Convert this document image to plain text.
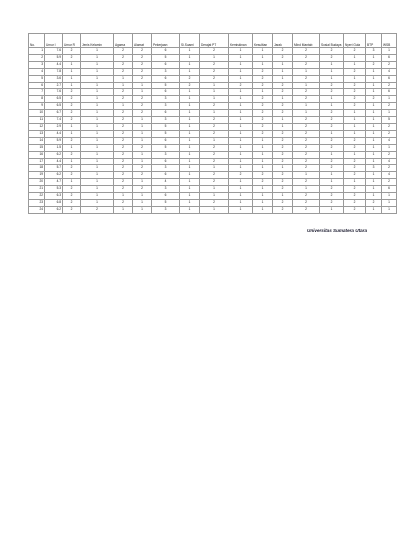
No.	Umur I	Umur R	Jenis Kelamin	Agama	Alamat	Pekerjaan	Si.Suami	Derajat PT	Kemiskinan	Kesulitan	Jarak	Mind Mantab	Sosial Budaya	Nyeri Gula	BTP	WSB
1	7.6	2	1	2	2	6	1	2	1	1	2	2	2	2	3	1
2	5.9	2	1	2	2	5	1	1	1	1	2	2	2	1	1	6
3	4.4	1	1	2	2	6	1	2	1	1	1	2	1	1	2	2
4	7.8	1	1	2	2	3	1	2	1	2	1	1	1	2	1	4
5	3.6	1	1	1	2	6	2	2	1	2	1	2	1	1	1	6
6	2.7	1	1	1	1	5	2	1	2	2	2	1	2	2	1	2
7	7.6	2	1	2	1	6	1	1	1	1	2	2	2	2	1	6
8	6.5	2	1	2	2	3	1	1	1	2	1	2	1	2	2	1
9	6.5	2	1	1	2	3	1	2	1	2	2	1	1	2	1	2
10	6.7	2	1	2	2	6	1	1	1	2	2	1	2	1	1	1
11	7.4	2	1	2	1	3	1	2	1	2	1	2	2	1	1	5
12	2.9	1	1	2	1	5	1	2	1	2	1	2	2	1	1	2
13	4.4	1	1	2	1	5	1	2	1	2	2	2	1	1	1	2
14	5.9	2	1	2	1	6	1	1	1	1	2	2	2	2	1	4
15	1.5	1	1	2	2	5	1	2	1	1	2	2	2	2	1	1
16	6.2	2	1	2	1	3	1	2	1	1	2	2	1	1	1	2
17	4.4	1	1	2	1	6	1	2	1	1	2	2	2	2	1	4
18	5.7	2	1	2	2	3	1	1	1	1	1	2	2	2	3	2
19	6.2	2	1	2	2	6	1	2	2	2	2	1	1	2	1	4
20	4.7	1	1	2	1	4	1	2	1	2	2	2	1	1	1	2
21	5.3	2	1	2	2	3	1	1	1	1	2	1	2	2	1	6
22	6.3	2	1	1	1	6	1	1	1	1	1	2	2	2	1	1
23	6.8	2	1	2	1	5	1	2	1	1	2	2	2	2	2	1
24	6.2	2	2	1	1	3	1	1	1	1	2	2	1	2	1	1
Universitas Sumatera Utara
